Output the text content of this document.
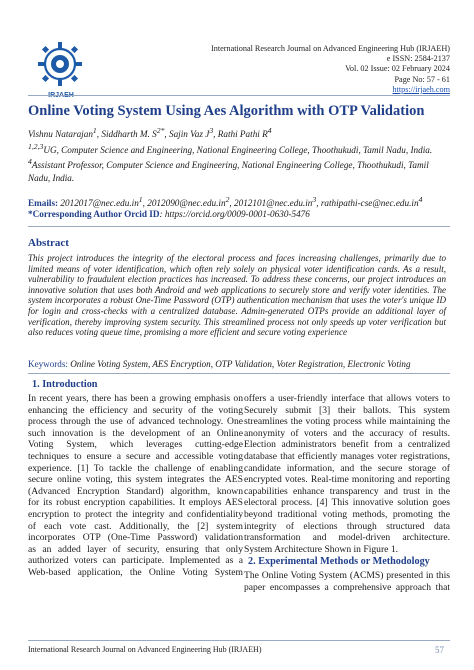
IRJAEH
International Research Journal on Advanced Engineering Hub (IRJAEH)
e ISSN: 2584-2137
Vol. 02 Issue: 02 February 2024
Page No: 57 - 61
https://irjaeh.com
Online Voting System Using Aes Algorithm with OTP Validation
Vishnu Natarajan$^1$, Siddharth M. $S^{2*}$, Sajin Vaz $J^3$, Rathi Pathi $R^4$
$^{1,2,3}$UG, Computer Science and Engineering, National Engineering College, Thoothukudi, Tamil Nadu, India.
$^4$Assistant Professor, Computer Science and Engineering, National Engineering College, Thoothukudi, Tamil Nadu, India.
Emails: $2012017@nec.edu.in^1$, $2012090@nec.edu.in^2$, $2012101@nec.edu.in^3$, rathipathi-$cse@nec.edu.in^4$
*Corresponding Author Orcid ID: https://orcid.org/0009-0001-0630-5476
Abstract
This project introduces the integrity of the electoral process and faces increasing challenges, primarily due to limited means of voter identification, which often rely solely on physical voter identification cards. As a result, vulnerability to fraudulent election practices has increased. To address these concerns, our project introduces an innovative solution that uses both Android and web applications to securely store and verify voter identities. The system incorporates a robust One-Time Password (OTP) authentication mechanism that uses the voter's unique ID for login and cross-checks with a centralized database. Admin-generated OTPs provide an additional layer of verification, thereby improving system security. This streamlined process not only speeds up voter verification but also reduces voting queue time, promising a more efficient and secure voting experience
Keywords: Online Voting System, AES Encryption, OTP Validation, Voter Registration, Electronic Voting
1. Introduction
In recent years, there has been a growing emphasis on
enhancing the efficiency and security of the voting
process through the use of advanced technology. One
such innovation is the development of an Online
Voting System, which leverages cutting-edge
techniques to ensure a secure and accessible voting
experience. [1] To tackle the challenge of enabling
secure online voting, this system integrates the AES
(Advanced Encryption Standard) algorithm, known
for its robust encryption capabilities. It employs AES
encryption to protect the integrity and confidentiality
of each vote cast. Additionally, the [2] system
incorporates OTP (One-Time Password) validation
as an added layer of security, ensuring that only
authorized voters can participate. Implemented as a
Web-based application, the Online Voting System
offers a user-friendly interface that allows voters to
Securely submit [3] their ballots. This system
streamlines the voting process while maintaining the
anonymity of voters and the accuracy of results.
Election administrators benefit from a centralized
database that efficiently manages voter registrations,
candidate information, and the secure storage of
encrypted votes. Real-time monitoring and reporting
capabilities enhance transparency and trust in the
electoral process. [4] This innovative solution goes
beyond traditional voting methods, promoting the
integrity of elections through structured data
transformation and model-driven architecture.
System Architecture Shown in Figure 1.
2. Experimental Methods or Methodology
The Online Voting System (ACMS) presented in this
paper encompasses a comprehensive approach that
International Research Journal on Advanced Engineering Hub (IRJAEH)	57
